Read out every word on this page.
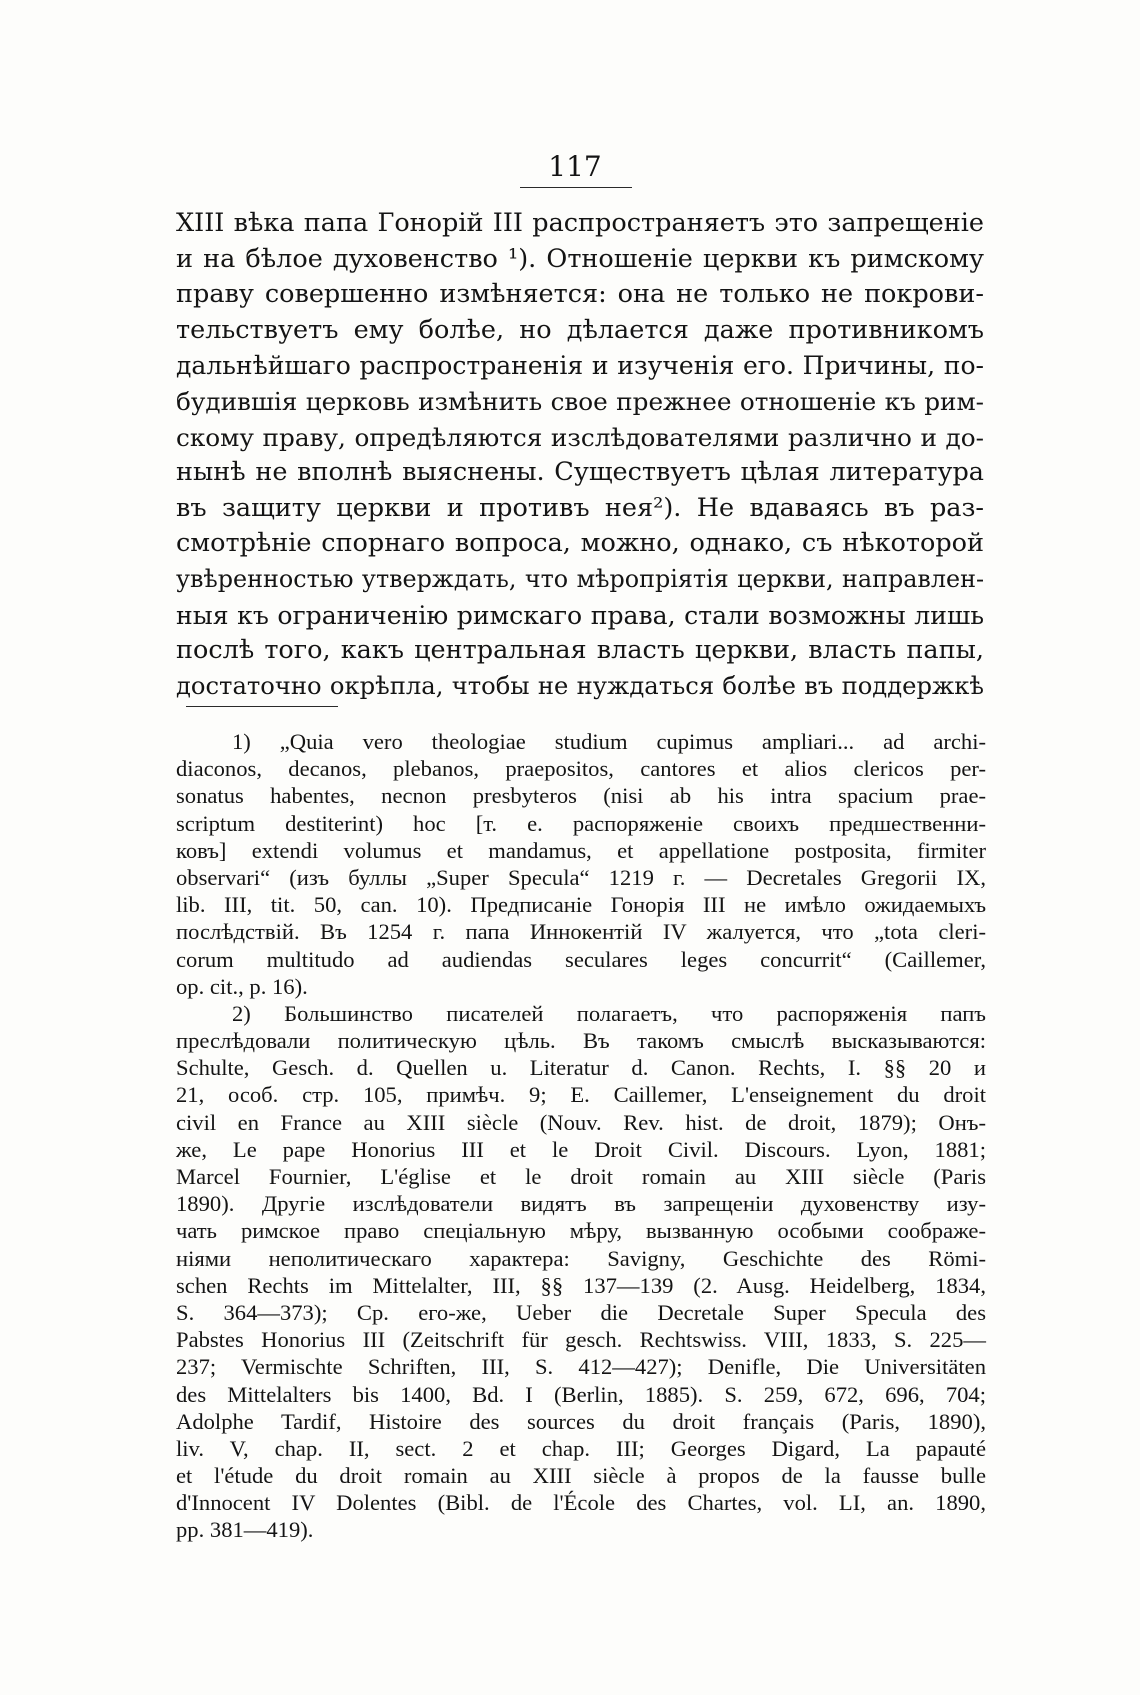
117
XIII вѣка папа Гонорій III распространяетъ это запрещеніе
и на бѣлое духовенство ¹). Отношеніе церкви къ римскому
праву совершенно измѣняется: она не только не покрови-
тельствуетъ ему болѣе, но дѣлается даже противникомъ
дальнѣйшаго распространенія и изученія его. Причины, по-
будившія церковь измѣнить свое прежнее отношеніе къ рим-
скому праву, опредѣляются изслѣдователями различно и до-
нынѣ не вполнѣ выяснены. Существуетъ цѣлая литература
въ защиту церкви и противъ нея²). Не вдаваясь въ раз-
смотрѣніе спорнаго вопроса, можно, однако, съ нѣкоторой
увѣренностью утверждать, что мѣропріятія церкви, направлен-
ныя къ ограниченію римскаго права, стали возможны лишь
послѣ того, какъ центральная власть церкви, власть папы,
достаточно окрѣпла, чтобы не нуждаться болѣе въ поддержкѣ
1) „Quia vero theologiae studium cupimus ampliari... ad archi-
diaconos, decanos, plebanos, praepositos, cantores et alios clericos per-
sonatus habentes, necnon presbyteros (nisi ab his intra spacium prae-
scriptum destiterint) hoc [т. е. распоряженіе своихъ предшественни-
ковъ] extendi volumus et mandamus, et appellatione postposita, firmiter
observari“ (изъ буллы „Super Specula“ 1219 г. — Decretales Gregorii IX,
lib. III, tit. 50, can. 10). Предписаніе Гонорія III не имѣло ожидаемыхъ
послѣдствій. Въ 1254 г. папа Иннокентій IV жалуется, что „tota cleri-
corum multitudo ad audiendas seculares leges concurrit“ (Caillemer,
op. cit., p. 16).
2) Большинство писателей полагаетъ, что распоряженія папъ
преслѣдовали политическую цѣль. Въ такомъ смыслѣ высказываются:
Schulte, Gesch. d. Quellen u. Literatur d. Canon. Rechts, I. §§ 20 и
21, особ. стр. 105, примѣч. 9; E. Caillemer, L'enseignement du droit
civil en France au XIII siècle (Nouv. Rev. hist. de droit, 1879); Онъ-
же, Le pape Honorius III et le Droit Civil. Discours. Lyon, 1881;
Marcel Fournier, L'église et le droit romain au XIII siècle (Paris
1890). Другіе изслѣдователи видятъ въ запрещеніи духовенству изу-
чать римское право спеціальную мѣру, вызванную особыми соображе-
ніями неполитическаго характера: Savigny, Geschichte des Römi-
schen Rechts im Mittelalter, III, §§ 137—139 (2. Ausg. Heidelberg, 1834,
S. 364—373); Ср. его-же, Ueber die Decretale Super Specula des
Pabstes Honorius III (Zeitschrift für gesch. Rechtswiss. VIII, 1833, S. 225—
237; Vermischte Schriften, III, S. 412—427); Denifle, Die Universitäten
des Mittelalters bis 1400, Bd. I (Berlin, 1885). S. 259, 672, 696, 704;
Adolphe Tardif, Histoire des sources du droit français (Paris, 1890),
liv. V, chap. II, sect. 2 et chap. III; Georges Digard, La papauté
et l'étude du droit romain au XIII siècle à propos de la fausse bulle
d'Innocent IV Dolentes (Bibl. de l'École des Chartes, vol. LI, an. 1890,
pp. 381—419).
